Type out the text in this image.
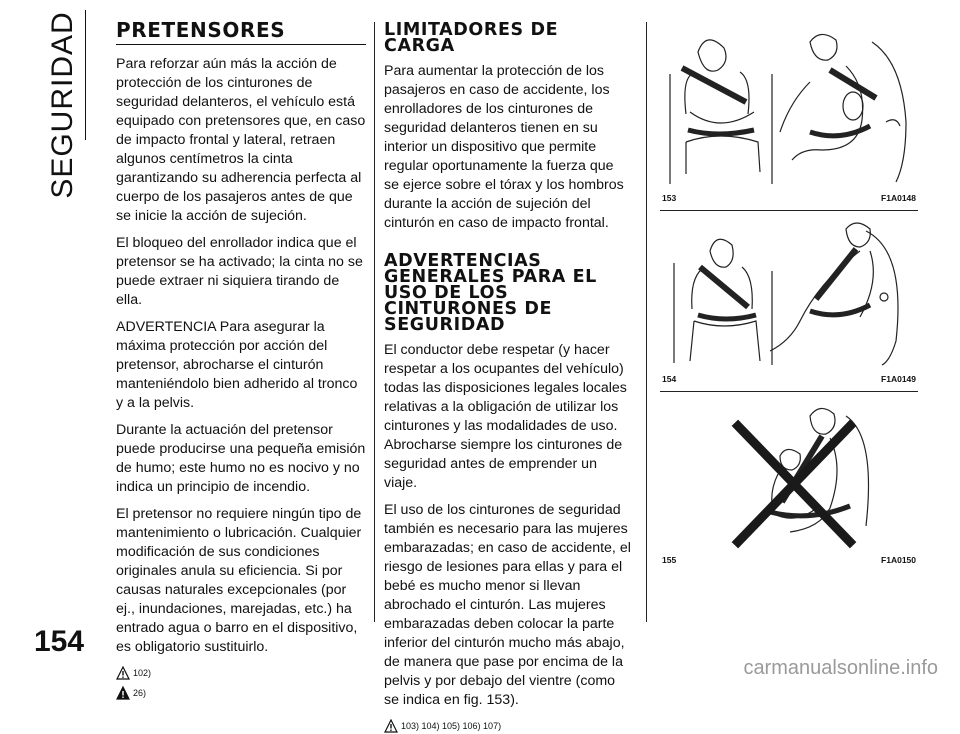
SEGURIDAD
154
PRETENSORES

Para reforzar aún más la acción de protección de los cinturones de seguridad delanteros, el vehículo está equipado con pretensores que, en caso de impacto frontal y lateral, retraen algunos centímetros la cinta garantizando su adherencia perfecta al cuerpo de los pasajeros antes de que se inicie la acción de sujeción.

El bloqueo del enrollador indica que el pretensor se ha activado; la cinta no se puede extraer ni siquiera tirando de ella.

ADVERTENCIA Para asegurar la máxima protección por acción del pretensor, abrocharse el cinturón manteniéndolo bien adherido al tronco y a la pelvis.

Durante la actuación del pretensor puede producirse una pequeña emisión de humo; este humo no es nocivo y no indica un principio de incendio.

El pretensor no requiere ningún tipo de mantenimiento o lubricación. Cualquier modificación de sus condiciones originales anula su eficiencia. Si por causas naturales excepcionales (por ej., inundaciones, marejadas, etc.) ha entrado agua o barro en el dispositivo, es obligatorio sustituirlo.

102)
26)
LIMITADORES DE CARGA

Para aumentar la protección de los pasajeros en caso de accidente, los enrolladores de los cinturones de seguridad delanteros tienen en su interior un dispositivo que permite regular oportunamente la fuerza que se ejerce sobre el tórax y los hombros durante la acción de sujeción del cinturón en caso de impacto frontal.

ADVERTENCIAS GENERALES PARA EL USO DE LOS CINTURONES DE SEGURIDAD

El conductor debe respetar (y hacer respetar a los ocupantes del vehículo) todas las disposiciones legales locales relativas a la obligación de utilizar los cinturones y las modalidades de uso. Abrocharse siempre los cinturones de seguridad antes de emprender un viaje.

El uso de los cinturones de seguridad también es necesario para las mujeres embarazadas; en caso de accidente, el riesgo de lesiones para ellas y para el bebé es mucho menor si llevan abrochado el cinturón. Las mujeres embarazadas deben colocar la parte inferior del cinturón mucho más abajo, de manera que pase por encima de la pelvis y por debajo del vientre (como se indica en fig. 153).

103) 104) 105) 106) 107)
153	F1A0148
154	F1A0149
155	F1A0150
carmanualsonline.info
